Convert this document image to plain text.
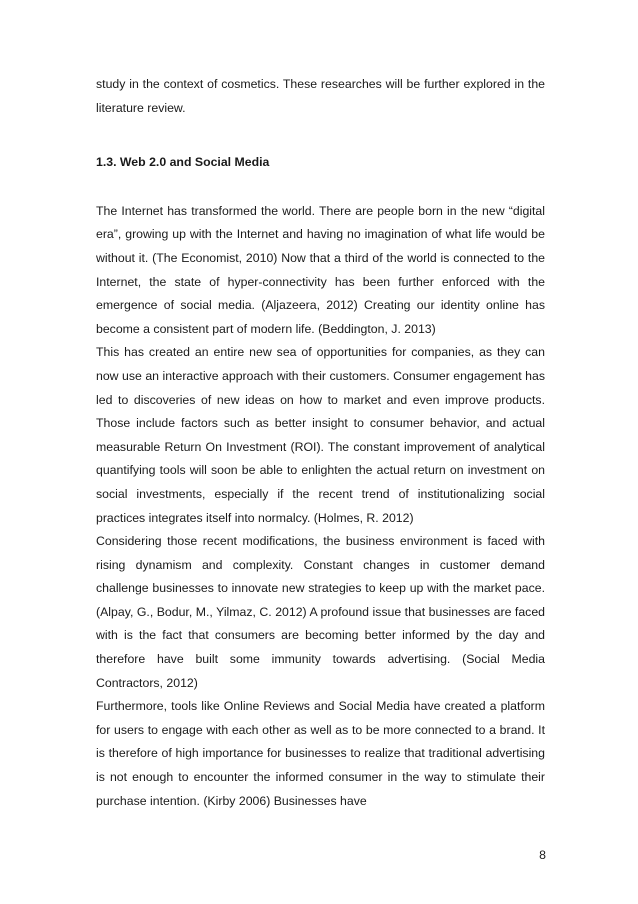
study in the context of cosmetics. These researches will be further explored in the literature review.

1.3. Web 2.0 and Social Media

The Internet has transformed the world. There are people born in the new “digital era”, growing up with the Internet and having no imagination of what life would be without it. (The Economist, 2010) Now that a third of the world is connected to the Internet, the state of hyper-connectivity has been further enforced with the emergence of social media. (Aljazeera, 2012) Creating our identity online has become a consistent part of modern life. (Beddington, J. 2013)

This has created an entire new sea of opportunities for companies, as they can now use an interactive approach with their customers. Consumer engagement has led to discoveries of new ideas on how to market and even improve products. Those include factors such as better insight to consumer behavior, and actual measurable Return On Investment (ROI). The constant improvement of analytical quantifying tools will soon be able to enlighten the actual return on investment on social investments, especially if the recent trend of institutionalizing social practices integrates itself into normalcy. (Holmes, R. 2012)

Considering those recent modifications, the business environment is faced with rising dynamism and complexity. Constant changes in customer demand challenge businesses to innovate new strategies to keep up with the market pace. (Alpay, G., Bodur, M., Yilmaz, C. 2012) A profound issue that businesses are faced with is the fact that consumers are becoming better informed by the day and therefore have built some immunity towards advertising. (Social Media Contractors, 2012)

Furthermore, tools like Online Reviews and Social Media have created a platform for users to engage with each other as well as to be more connected to a brand. It is therefore of high importance for businesses to realize that traditional advertising is not enough to encounter the informed consumer in the way to stimulate their purchase intention. (Kirby 2006) Businesses have

8
